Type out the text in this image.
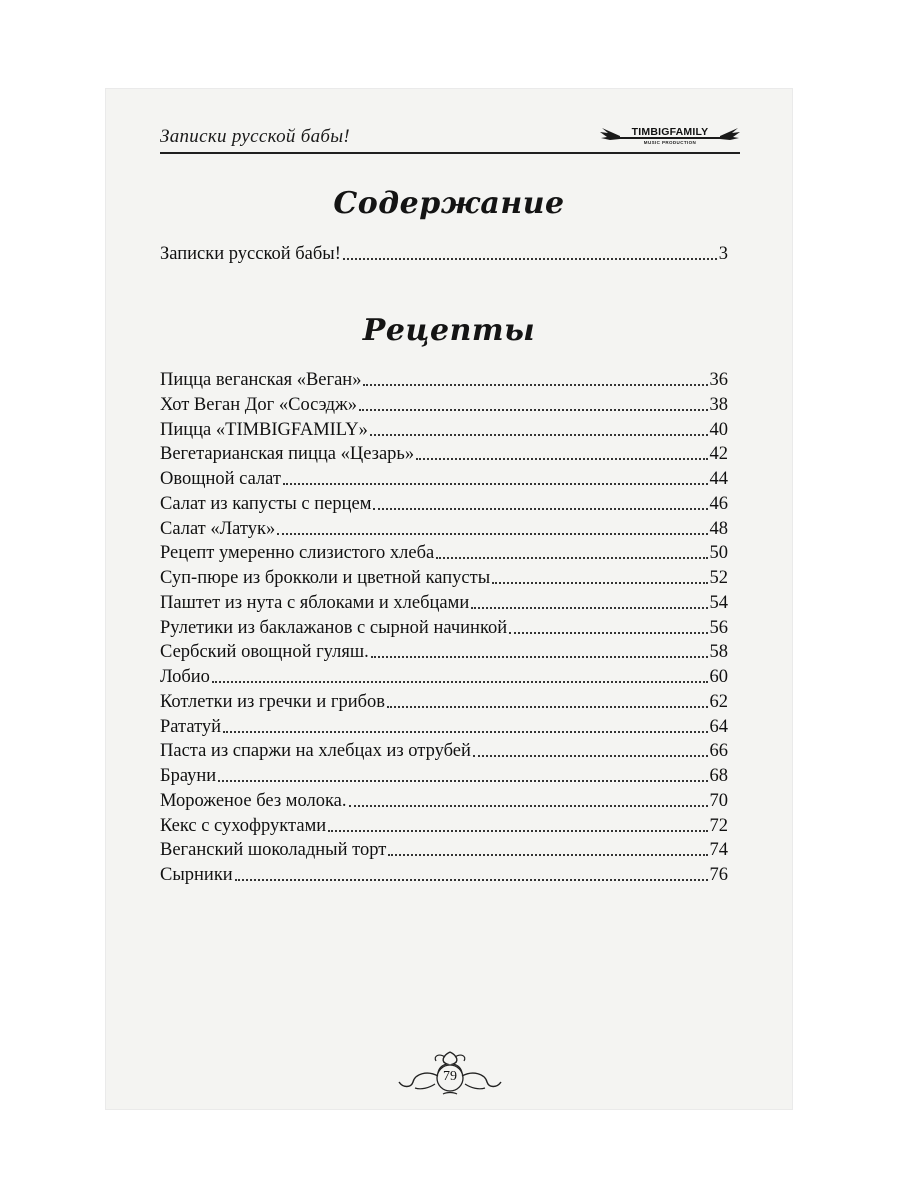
Записки русской бабы!	TIMBIGFAMILY
MUSIC PRODUCTION
Содержание
Записки русской бабы!	3
Рецепты
Пицца веганская «Веган»	36
Хот Веган Дог «Сосэдж»	38
Пицца «TIMBIGFAMILY»	40
Вегетарианская пицца «Цезарь»	42
Овощной салат	44
Салат из капусты с перцем	46
Салат «Латук»	48
Рецепт умеренно слизистого хлеба	50
Суп-пюре из брокколи и цветной капусты	52
Паштет из нута с яблоками и хлебцами	54
Рулетики из баклажанов с сырной начинкой	56
Сербский овощной гуляш.	58
Лобио	60
Котлетки из гречки и грибов	62
Рататуй	64
Паста из спаржи на хлебцах из отрубей	66
Брауни	68
Мороженое без молока.	70
Кекс с сухофруктами	72
Веганский шоколадный торт	74
Сырники	76
79
